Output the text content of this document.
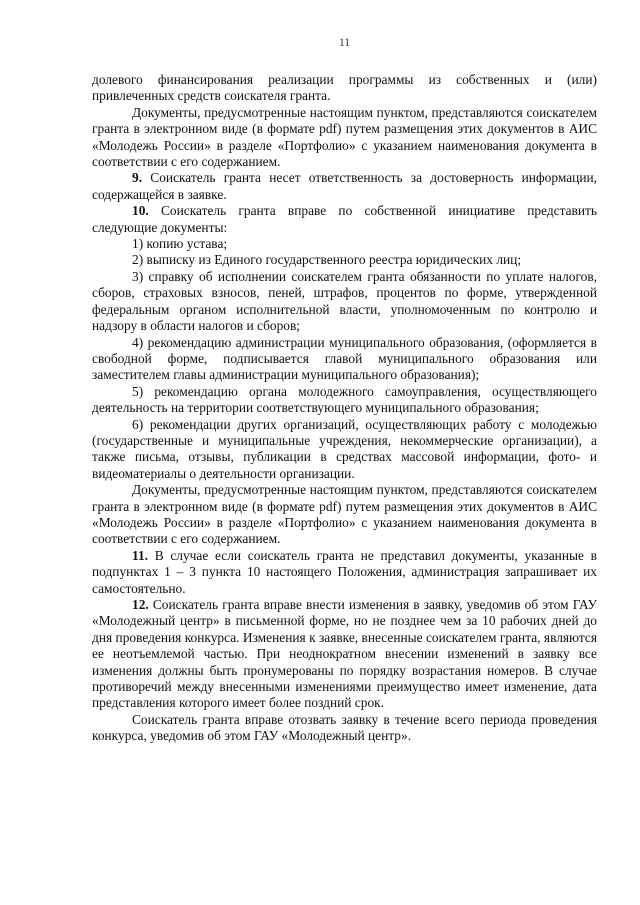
11

долевого финансирования реализации программы из собственных и (или) привлеченных средств соискателя гранта.

Документы, предусмотренные настоящим пунктом, представляются соискателем гранта в электронном виде (в формате pdf) путем размещения этих документов в АИС «Молодежь России» в разделе «Портфолио» с указанием наименования документа в соответствии с его содержанием.

9. Соискатель гранта несет ответственность за достоверность информации, содержащейся в заявке.

10. Соискатель гранта вправе по собственной инициативе представить следующие документы:

1) копию устава;

2) выписку из Единого государственного реестра юридических лиц;

3) справку об исполнении соискателем гранта обязанности по уплате налогов, сборов, страховых взносов, пеней, штрафов, процентов по форме, утвержденной федеральным органом исполнительной власти, уполномоченным по контролю и надзору в области налогов и сборов;

4) рекомендацию администрации муниципального образования, (оформляется в свободной форме, подписывается главой муниципального образования или заместителем главы администрации муниципального образования);

5) рекомендацию органа молодежного самоуправления, осуществляющего деятельность на территории соответствующего муниципального образования;

6) рекомендации других организаций, осуществляющих работу с молодежью (государственные и муниципальные учреждения, некоммерческие организации), а также письма, отзывы, публикации в средствах массовой информации, фото- и видеоматериалы о деятельности организации.

Документы, предусмотренные настоящим пунктом, представляются соискателем гранта в электронном виде (в формате pdf) путем размещения этих документов в АИС «Молодежь России» в разделе «Портфолио» с указанием наименования документа в соответствии с его содержанием.

11. В случае если соискатель гранта не представил документы, указанные в подпунктах 1 – 3 пункта 10 настоящего Положения, администрация запрашивает их самостоятельно.

12. Соискатель гранта вправе внести изменения в заявку, уведомив об этом ГАУ «Молодежный центр» в письменной форме, но не позднее чем за 10 рабочих дней до дня проведения конкурса. Изменения к заявке, внесенные соискателем гранта, являются ее неотъемлемой частью. При неоднократном внесении изменений в заявку все изменения должны быть пронумерованы по порядку возрастания номеров. В случае противоречий между внесенными изменениями преимущество имеет изменение, дата представления которого имеет более поздний срок.

Соискатель гранта вправе отозвать заявку в течение всего периода проведения конкурса, уведомив об этом ГАУ «Молодежный центр».
